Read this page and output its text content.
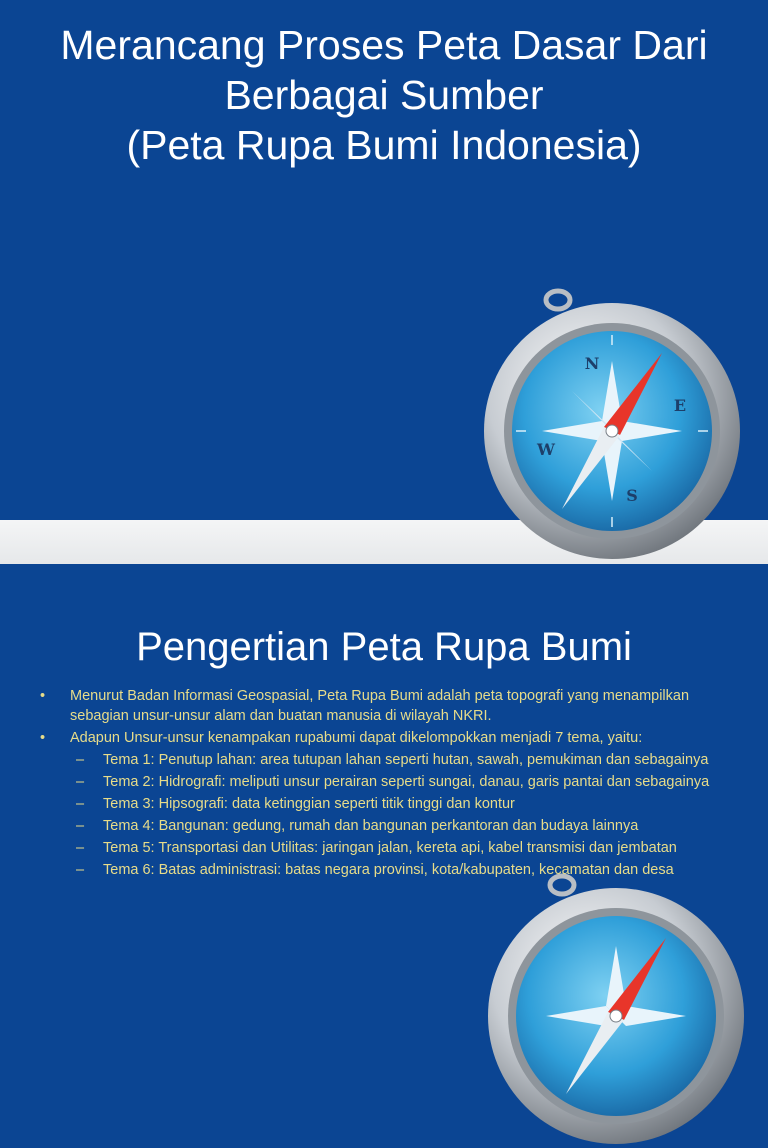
Merancang Proses Peta Dasar Dari
Berbagai Sumber
(Peta Rupa Bumi Indonesia)
N
E
S
W
Pengertian Peta Rupa Bumi
• Menurut Badan Informasi Geospasial, Peta Rupa Bumi adalah peta topografi yang menampilkan sebagian unsur-unsur alam dan buatan manusia di wilayah NKRI.
• Adapun Unsur-unsur kenampakan rupabumi dapat dikelompokkan menjadi 7 tema, yaitu:
– Tema 1: Penutup lahan: area tutupan lahan seperti hutan, sawah, pemukiman dan sebagainya
– Tema 2: Hidrografi: meliputi unsur perairan seperti sungai, danau, garis pantai dan sebagainya
– Tema 3: Hipsografi: data ketinggian seperti titik tinggi dan kontur
– Tema 4: Bangunan: gedung, rumah dan bangunan perkantoran dan budaya lainnya
– Tema 5: Transportasi dan Utilitas: jaringan jalan, kereta api, kabel transmisi dan jembatan
– Tema 6: Batas administrasi: batas negara provinsi, kota/kabupaten, kecamatan dan desa
